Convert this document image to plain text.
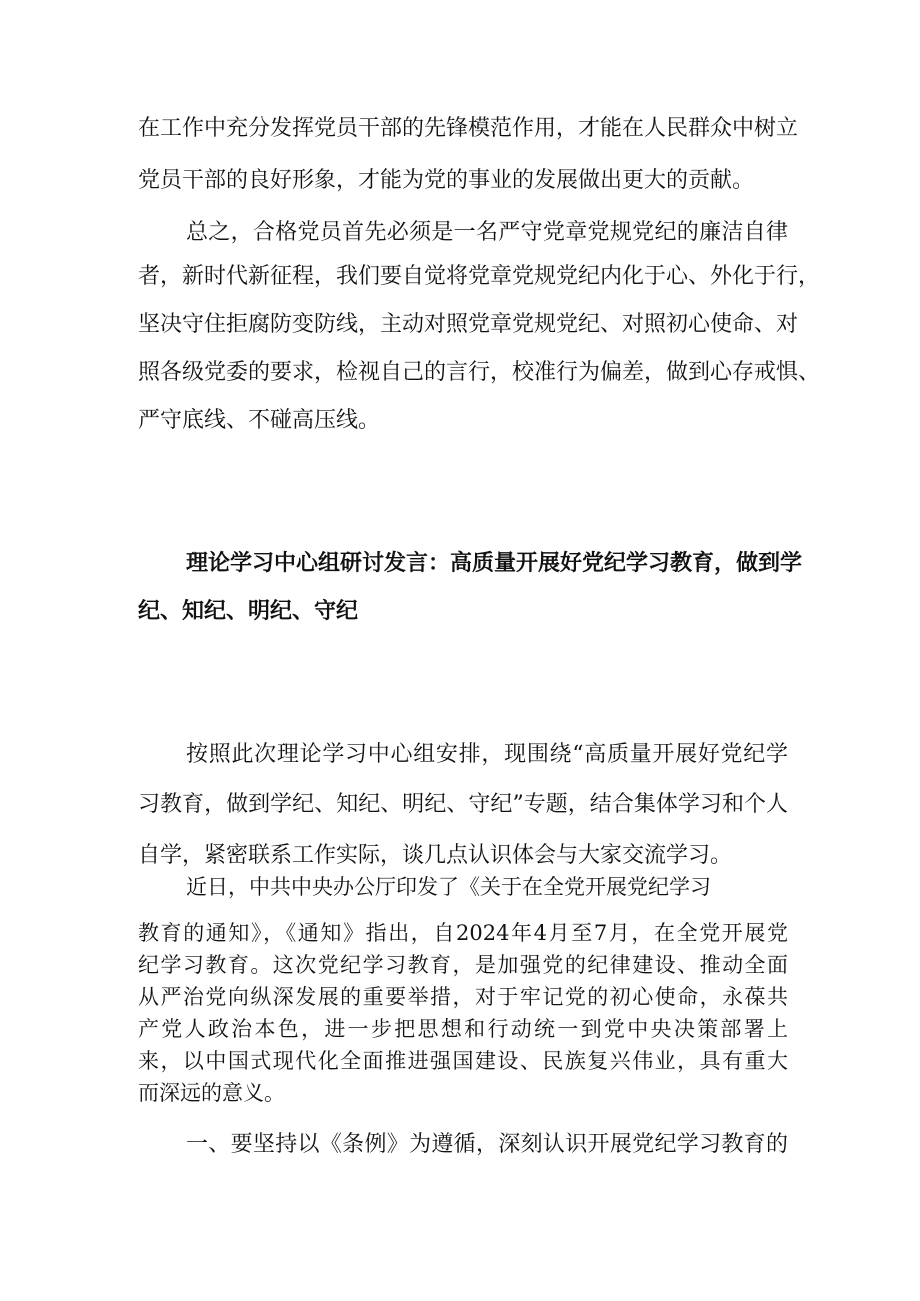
在工作中充分发挥党员干部的先锋模范作用，才能在人民群众中树立

党员干部的良好形象，才能为党的事业的发展做出更大的贡献。

总之，合格党员首先必须是一名严守党章党规党纪的廉洁自律

者，新时代新征程，我们要自觉将党章党规党纪内化于心、外化于行，

坚决守住拒腐防变防线，主动对照党章党规党纪、对照初心使命、对

照各级党委的要求，检视自己的言行，校准行为偏差，做到心存戒惧、

严守底线、不碰高压线。

理论学习中心组研讨发言：高质量开展好党纪学习教育，做到学

纪、知纪、明纪、守纪

按照此次理论学习中心组安排，现围绕“高质量开展好党纪学

习教育，做到学纪、知纪、明纪、守纪”专题，结合集体学习和个人

自学，紧密联系工作实际，谈几点认识体会与大家交流学习。

近日，中共中央办公厅印发了《关于在全党开展党纪学习

教育的通知》，《通知》指出，自2024年4月至7月，在全党开展党

纪学习教育。这次党纪学习教育，是加强党的纪律建设、推动全面

从严治党向纵深发展的重要举措，对于牢记党的初心使命，永葆共

产党人政治本色，进一步把思想和行动统一到党中央决策部署上

来，以中国式现代化全面推进强国建设、民族复兴伟业，具有重大

而深远的意义。

一、要坚持以《条例》为遵循，深刻认识开展党纪学习教育的
